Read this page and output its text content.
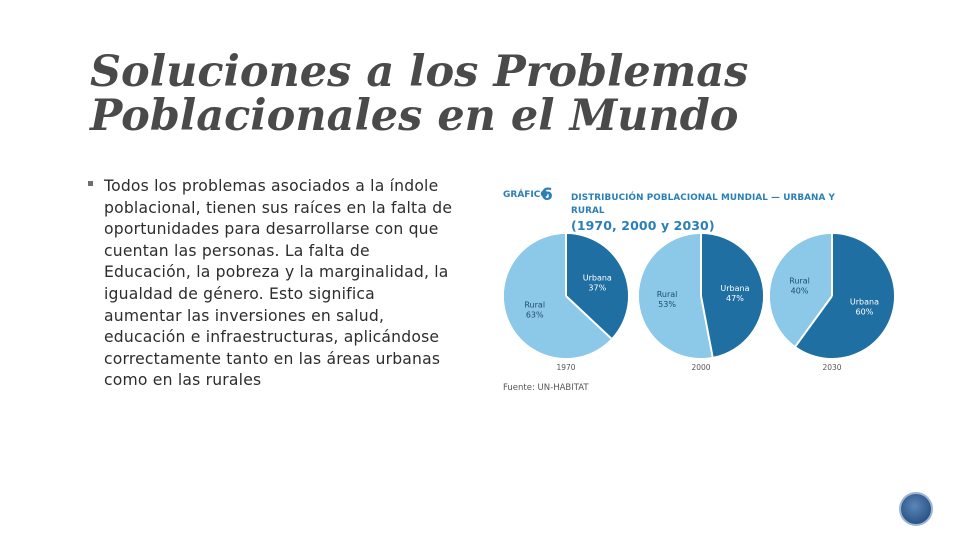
Soluciones a los Problemas
Poblacionales en el Mundo

Todos los problemas asociados a la índole poblacional, tienen sus raíces en la falta de oportunidades para desarrollarse con que cuentan las personas. La falta de Educación, la pobreza y la marginalidad, la igualdad de género. Esto significa aumentar las inversiones en salud, educación e infraestructuras, aplicándose correctamente tanto en las áreas urbanas como en las rurales

GRÁFICO
6 DISTRIBUCIÓN POBLACIONAL MUNDIAL — URBANA Y RURAL
(1970, 2000 y 2030)
Urbana
37%
Rural
63%
1970
Urbana
47%
Rural
53%
2000
Urbana
60%
Rural
40%
2030
Fuente: UN-HABITAT
